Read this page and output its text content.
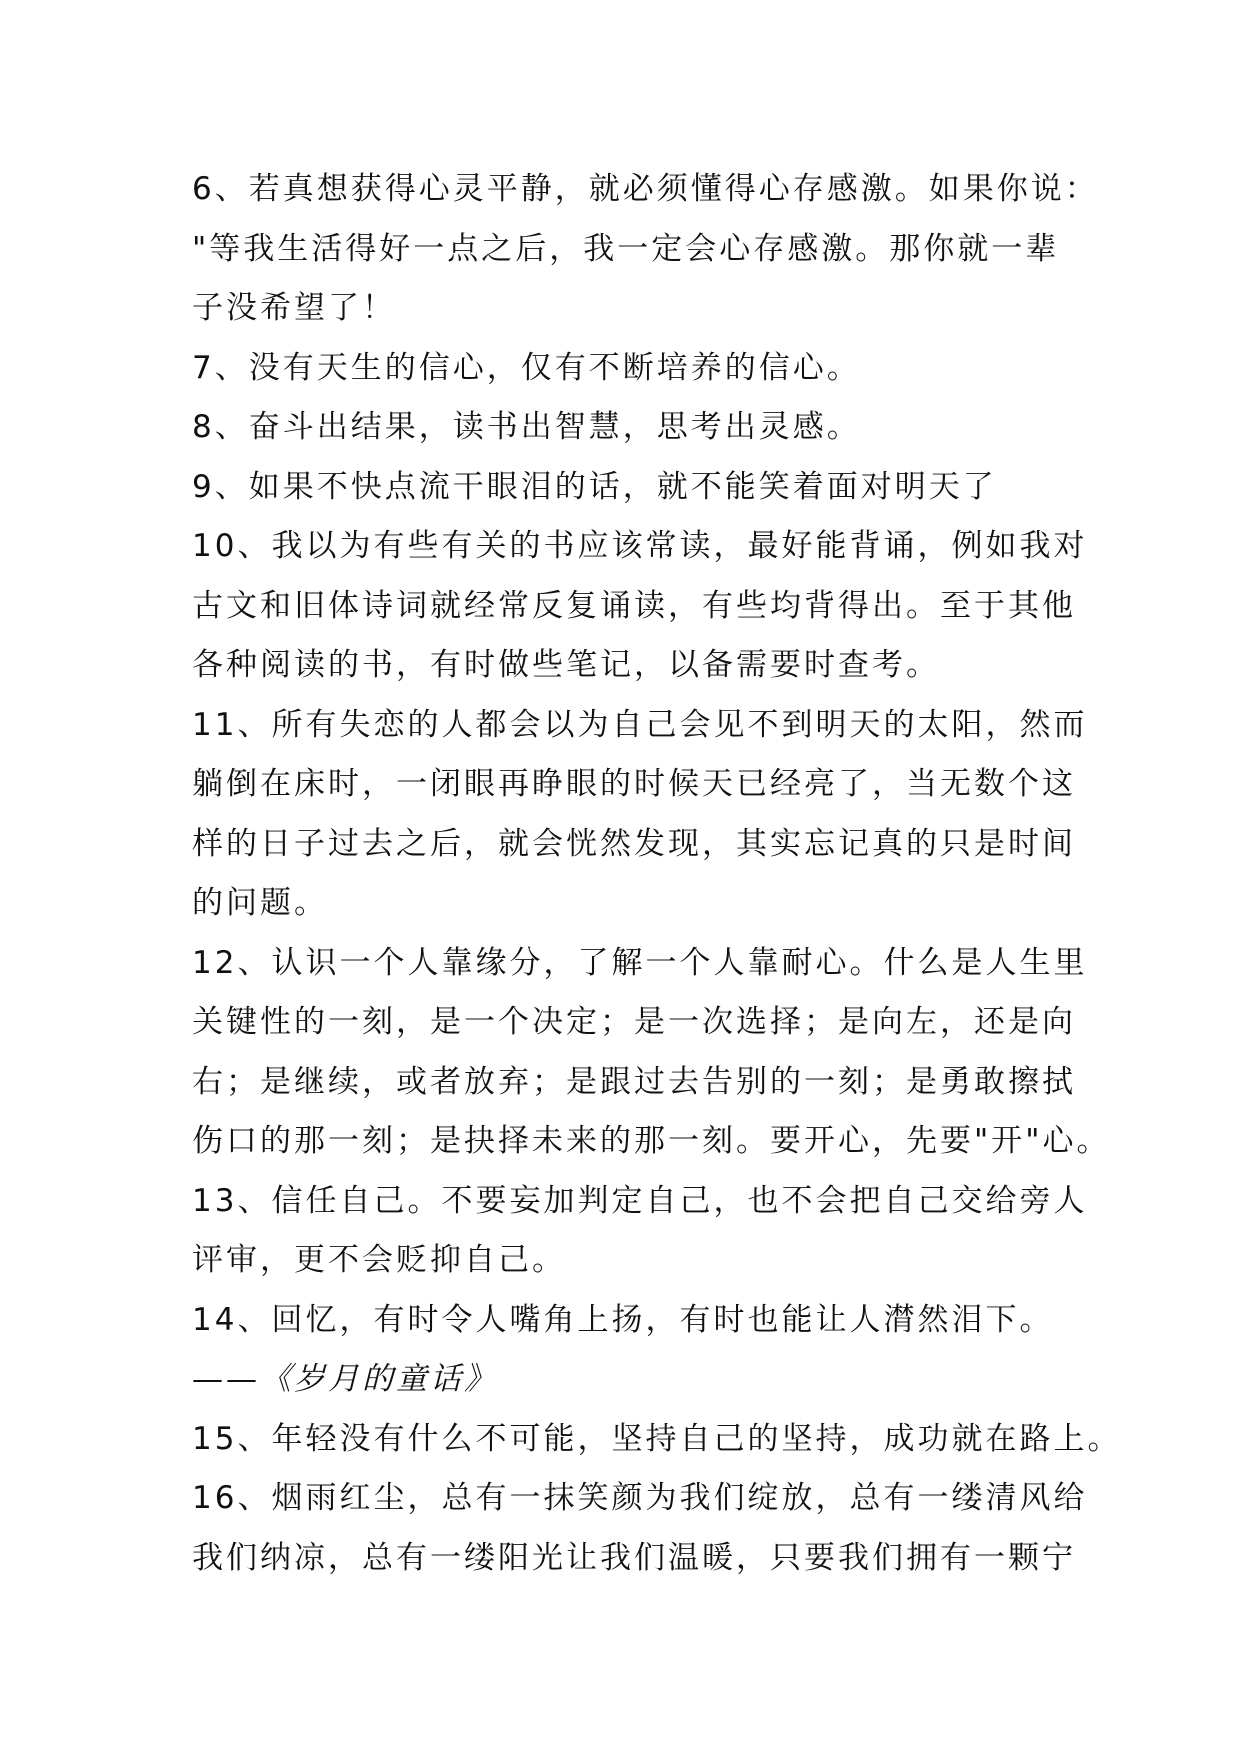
6、若真想获得心灵平静，就必须懂得心存感激。如果你说：
"等我生活得好一点之后，我一定会心存感激。那你就一辈
子没希望了！
7、没有天生的信心，仅有不断培养的信心。
8、奋斗出结果，读书出智慧，思考出灵感。
9、如果不快点流干眼泪的话，就不能笑着面对明天了
10、我以为有些有关的书应该常读，最好能背诵，例如我对
古文和旧体诗词就经常反复诵读，有些均背得出。至于其他
各种阅读的书，有时做些笔记，以备需要时查考。
11、所有失恋的人都会以为自己会见不到明天的太阳，然而
躺倒在床时，一闭眼再睁眼的时候天已经亮了，当无数个这
样的日子过去之后，就会恍然发现，其实忘记真的只是时间
的问题。
12、认识一个人靠缘分，了解一个人靠耐心。什么是人生里
关键性的一刻，是一个决定；是一次选择；是向左，还是向
右；是继续，或者放弃；是跟过去告别的一刻；是勇敢擦拭
伤口的那一刻；是抉择未来的那一刻。要开心，先要"开"心。
13、信任自己。不要妄加判定自己，也不会把自己交给旁人
评审，更不会贬抑自己。
14、回忆，有时令人嘴角上扬，有时也能让人潸然泪下。
——《岁月的童话》
15、年轻没有什么不可能，坚持自己的坚持，成功就在路上。
16、烟雨红尘，总有一抹笑颜为我们绽放，总有一缕清风给
我们纳凉，总有一缕阳光让我们温暖，只要我们拥有一颗宁
